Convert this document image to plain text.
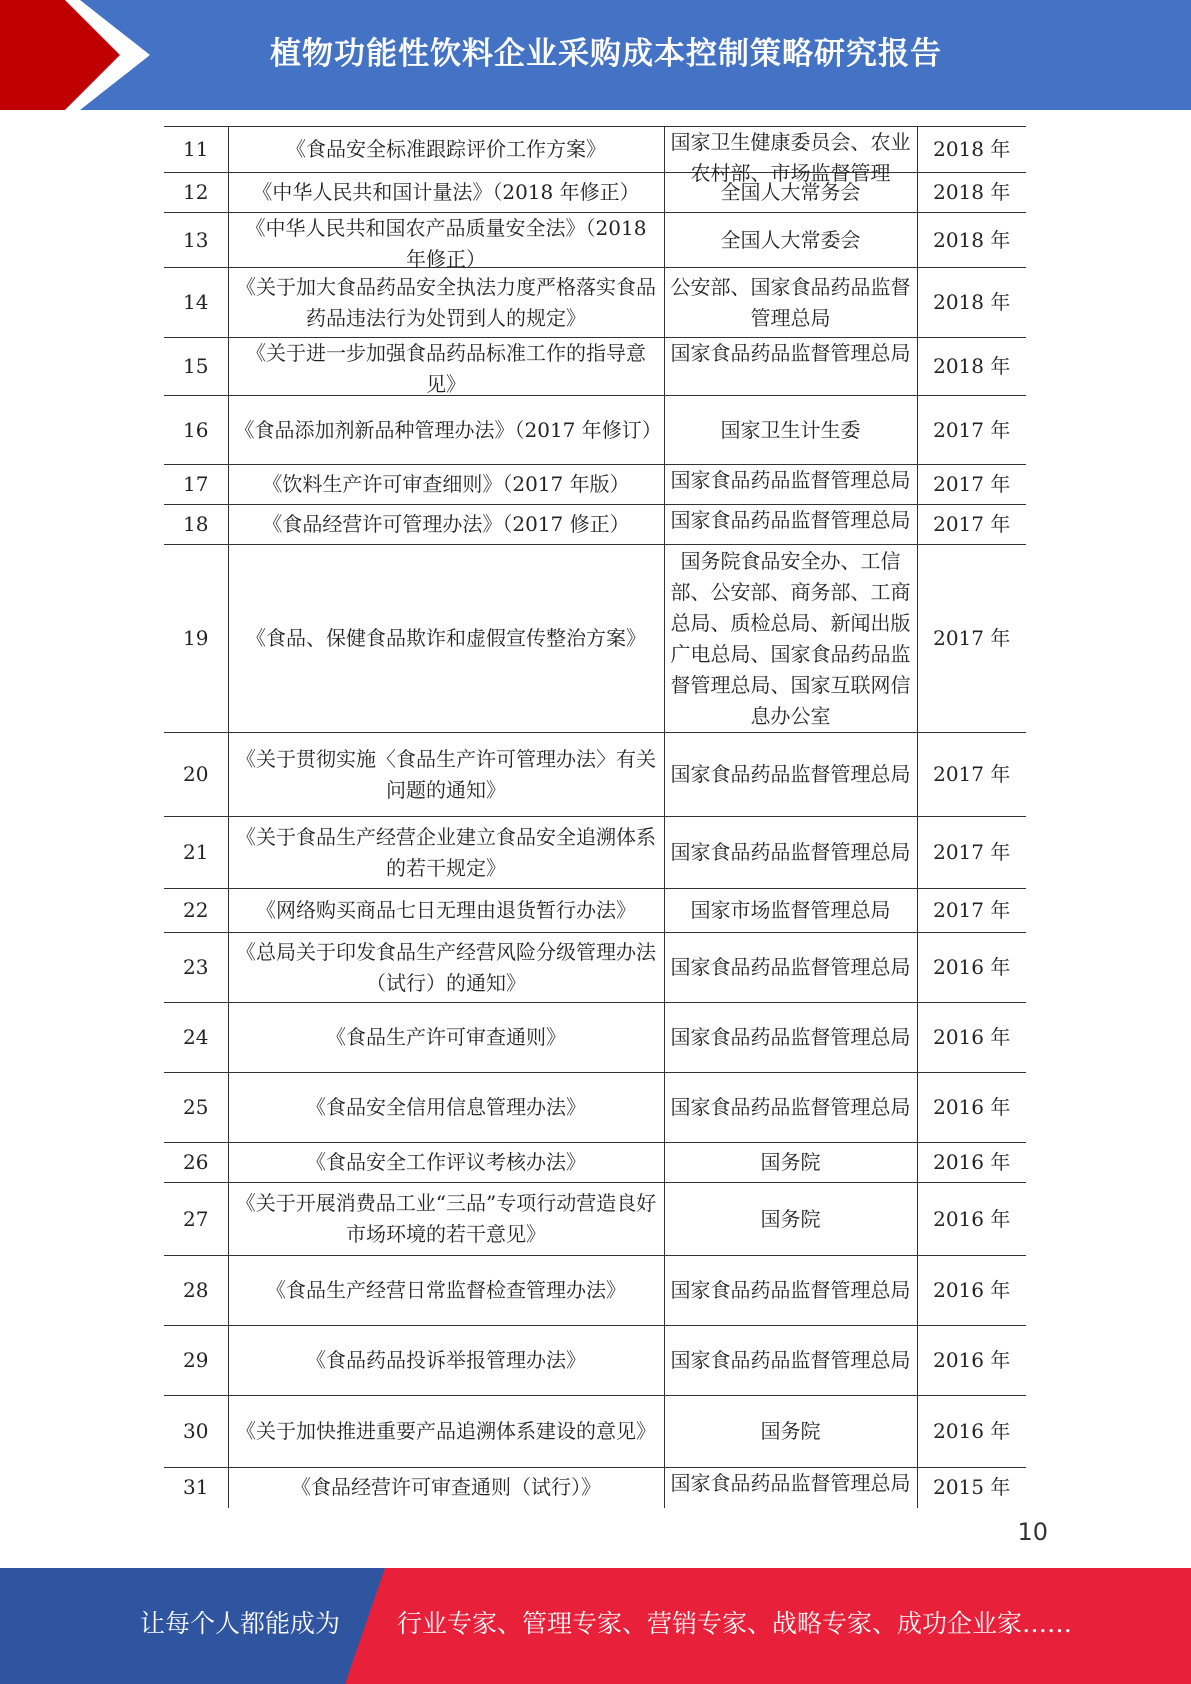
植物功能性饮料企业采购成本控制策略研究报告
11	《食品安全标准跟踪评价工作方案》	国家卫生健康委员会、农业农村部、市场监督管理	2018 年
12	《中华人民共和国计量法》（2018 年修正）	全国人大常务会	2018 年
13	《中华人民共和国农产品质量安全法》（2018 年修正）	全国人大常委会	2018 年
14	《关于加大食品药品安全执法力度严格落实食品药品违法行为处罚到人的规定》	公安部、国家食品药品监督管理总局	2018 年
15	《关于进一步加强食品药品标准工作的指导意见》	国家食品药品监督管理总局	2018 年
16	《食品添加剂新品种管理办法》（2017 年修订）	国家卫生计生委	2017 年
17	《饮料生产许可审查细则》（2017 年版）	国家食品药品监督管理总局	2017 年
18	《食品经营许可管理办法》（2017 修正）	国家食品药品监督管理总局	2017 年
19	《食品、保健食品欺诈和虚假宣传整治方案》	国务院食品安全办、工信部、公安部、商务部、工商总局、质检总局、新闻出版广电总局、国家食品药品监督管理总局、国家互联网信息办公室	2017 年
20	《关于贯彻实施〈食品生产许可管理办法〉有关问题的通知》	国家食品药品监督管理总局	2017 年
21	《关于食品生产经营企业建立食品安全追溯体系的若干规定》	国家食品药品监督管理总局	2017 年
22	《网络购买商品七日无理由退货暂行办法》	国家市场监督管理总局	2017 年
23	《总局关于印发食品生产经营风险分级管理办法（试行）的通知》	国家食品药品监督管理总局	2016 年
24	《食品生产许可审查通则》	国家食品药品监督管理总局	2016 年
25	《食品安全信用信息管理办法》	国家食品药品监督管理总局	2016 年
26	《食品安全工作评议考核办法》	国务院	2016 年
27	《关于开展消费品工业“三品”专项行动营造良好市场环境的若干意见》	国务院	2016 年
28	《食品生产经营日常监督检查管理办法》	国家食品药品监督管理总局	2016 年
29	《食品药品投诉举报管理办法》	国家食品药品监督管理总局	2016 年
30	《关于加快推进重要产品追溯体系建设的意见》	国务院	2016 年
31	《食品经营许可审查通则（试行）》	国家食品药品监督管理总局	2015 年
10
让每个人都能成为 行业专家、管理专家、营销专家、战略专家、成功企业家……
